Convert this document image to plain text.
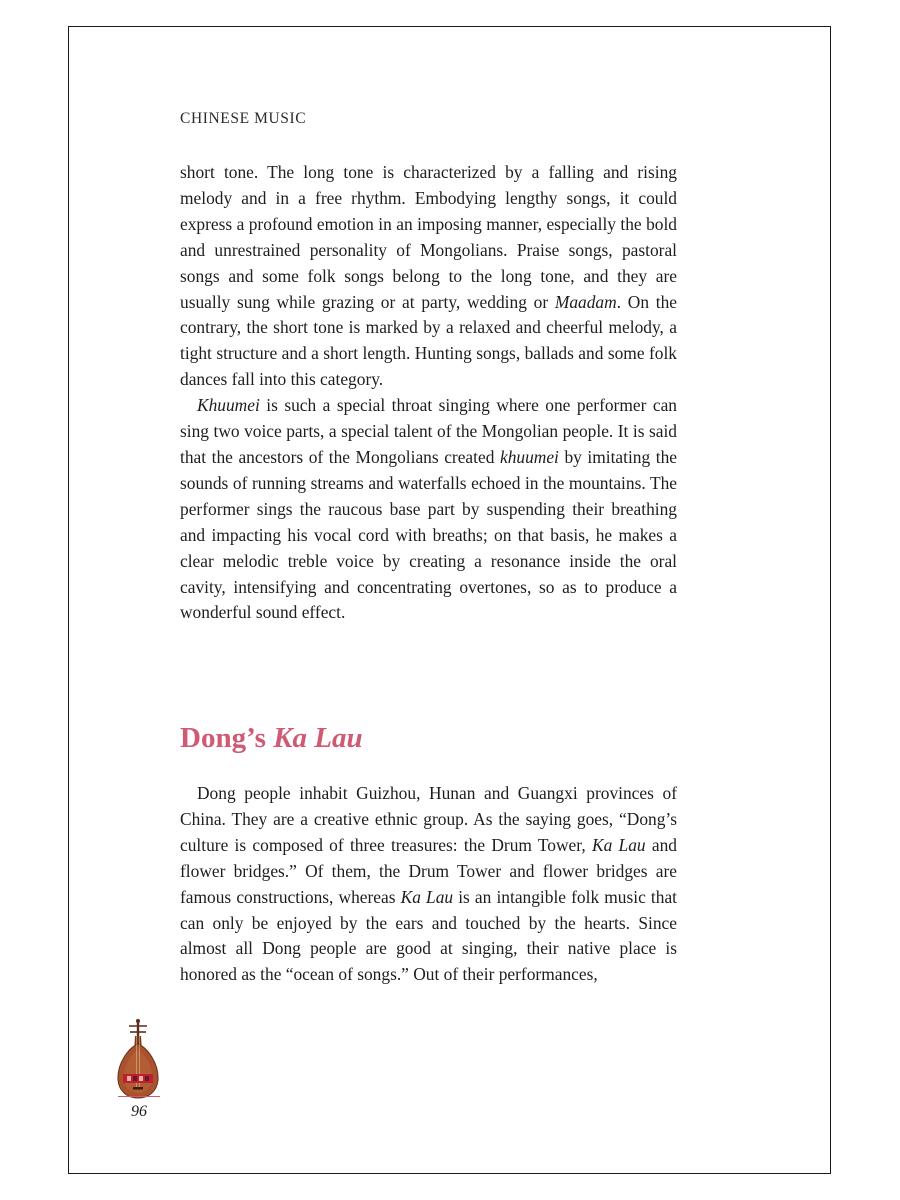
CHINESE MUSIC

short tone. The long tone is characterized by a falling and rising melody and in a free rhythm. Embodying lengthy songs, it could express a profound emotion in an imposing manner, especially the bold and unrestrained personality of Mongolians. Praise songs, pastoral songs and some folk songs belong to the long tone, and they are usually sung while grazing or at party, wedding or Maadam. On the contrary, the short tone is marked by a relaxed and cheerful melody, a tight structure and a short length. Hunting songs, ballads and some folk dances fall into this category.

Khuumei is such a special throat singing where one performer can sing two voice parts, a special talent of the Mongolian people. It is said that the ancestors of the Mongolians created khuumei by imitating the sounds of running streams and waterfalls echoed in the mountains. The performer sings the raucous base part by suspending their breathing and impacting his vocal cord with breaths; on that basis, he makes a clear melodic treble voice by creating a resonance inside the oral cavity, intensifying and concentrating overtones, so as to produce a wonderful sound effect.

Dong’s Ka Lau

Dong people inhabit Guizhou, Hunan and Guangxi provinces of China. They are a creative ethnic group. As the saying goes, “Dong’s culture is composed of three treasures: the Drum Tower, Ka Lau and flower bridges.” Of them, the Drum Tower and flower bridges are famous constructions, whereas Ka Lau is an intangible folk music that can only be enjoyed by the ears and touched by the hearts. Since almost all Dong people are good at singing, their native place is honored as the “ocean of songs.” Out of their performances,

96
